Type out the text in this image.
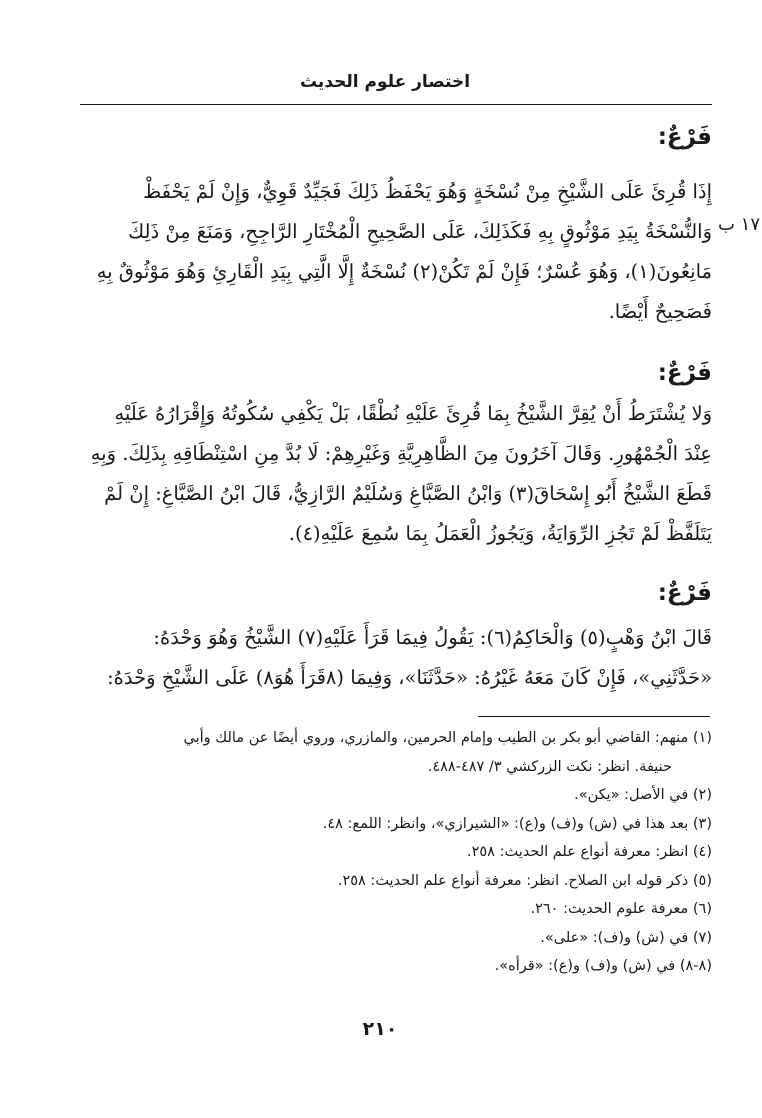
اختصار علوم الحديث
١٧ ب
فَرْعٌ:

إِذَا قُرِئَ عَلَى الشَّيْخِ مِنْ نُسْخَةٍ وَهُوَ يَحْفَظُ ذَلِكَ فَجَيِّدٌ قَوِيٌّ، وَإِنْ لَمْ يَحْفَظْ

وَالنُّسْخَةُ بِيَدِ مَوْثُوقٍ بِهِ فَكَذَلِكَ، عَلَى الصَّحِيحِ الْمُخْتَارِ الرَّاجِحِ، وَمَنَعَ مِنْ ذَلِكَ

مَانِعُونَ(١)، وَهُوَ عُسْرٌ؛ فَإِنْ لَمْ تَكُنْ(٢) نُسْخَةٌ إِلَّا الَّتِي بِيَدِ الْقَارِئِ وَهُوَ مَوْثُوقٌ بِهِ

فَصَحِيحٌ أَيْضًا.

فَرْعٌ:

وَلا يُشْتَرَطُ أَنْ يُقِرَّ الشَّيْخُ بِمَا قُرِئَ عَلَيْهِ نُطْقًا، بَلْ يَكْفِي سُكُوتُهُ وَإِقْرَارُهُ عَلَيْهِ

عِنْدَ الْجُمْهُورِ. وَقَالَ آخَرُونَ مِنَ الظَّاهِرِيَّةِ وَغَيْرِهِمْ: لَا بُدَّ مِنِ اسْتِنْطَاقِهِ بِذَلِكَ. وَبِهِ

قَطَعَ الشَّيْخُ أَبُو إِسْحَاقَ(٣) وَابْنُ الصَّبَّاغِ وَسُلَيْمٌ الرَّازِيُّ، قَالَ ابْنُ الصَّبَّاغِ: إِنْ لَمْ

يَتَلَفَّظْ لَمْ تَجُزِ الرِّوَايَةُ، وَيَجُوزُ الْعَمَلُ بِمَا سُمِعَ عَلَيْهِ(٤).

فَرْعٌ:

قَالَ ابْنُ وَهْبٍ(٥) وَالْحَاكِمُ(٦): يَقُولُ فِيمَا قَرَأَ عَلَيْهِ(٧) الشَّيْخُ وَهُوَ وَحْدَهُ:

«حَدَّثَنِي»، فَإِنْ كَانَ مَعَهُ غَيْرُهُ: «حَدَّثَنَا»، وَفِيمَا (٨قَرَأَ هُوَ٨) عَلَى الشَّيْخِ وَحْدَهُ:

(١) منهم: القاضي أبو بكر بن الطيب وإمام الحرمين، والمازري، وروي أيضًا عن مالك وأبي

حنيفة. انظر: نكت الزركشي ٣/ ٤٨٧-٤٨٨.

(٢) في الأصل: «يكن».

(٣) بعد هذا في (ش) و(ف) و(ع): «الشيرازي»، وانظر: اللمع: ٤٨.

(٤) انظر: معرفة أنواع علم الحديث: ٢٥٨.

(٥) ذكر قوله ابن الصلاح. انظر: معرفة أنواع علم الحديث: ٢٥٨.

(٦) معرفة علوم الحديث: ٢٦٠.

(٧) في (ش) و(ف): «على».

(٨-٨) في (ش) و(ف) و(ع): «قرأه».

٢١٠
